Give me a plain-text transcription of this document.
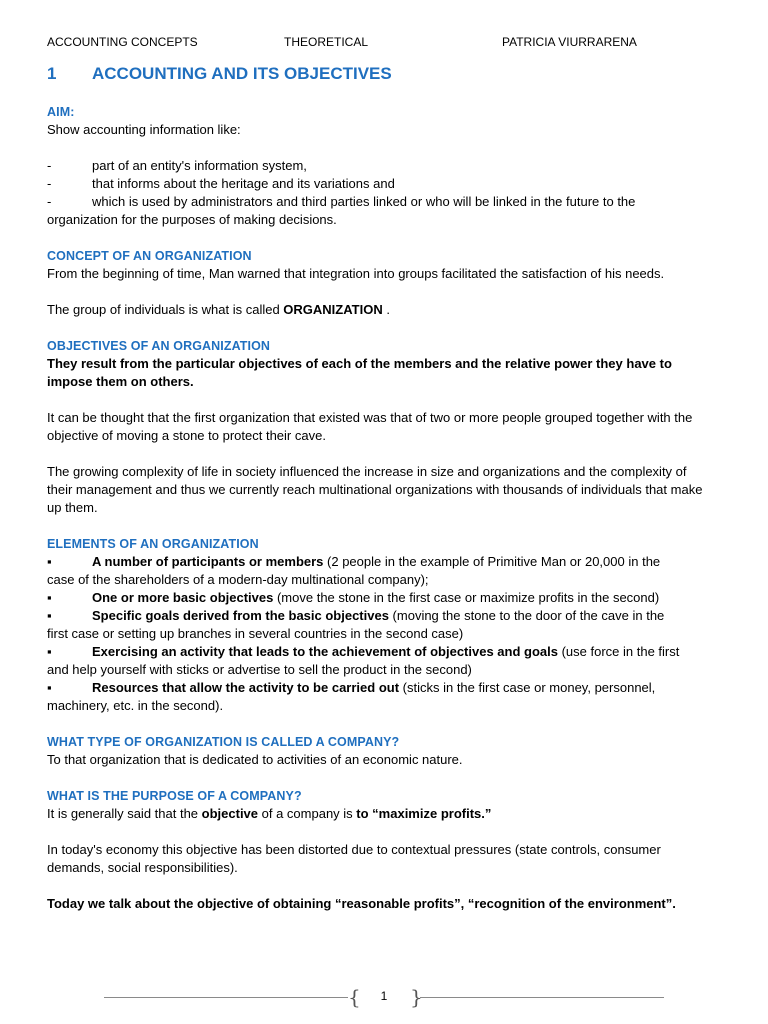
ACCOUNTING CONCEPTS	THEORETICAL	PATRICIA VIURRARENA
1 ACCOUNTING AND ITS OBJECTIVES

AIM:

Show accounting information like:

-	part of an entity's information system,
-	that informs about the heritage and its variations and
-	which is used by administrators and third parties linked or who will be linked in the future to the

organization for the purposes of making decisions.

CONCEPT OF AN ORGANIZATION

From the beginning of time, Man warned that integration into groups facilitated the satisfaction of his needs.

The group of individuals is what is called ORGANIZATION .

OBJECTIVES OF AN ORGANIZATION

They result from the particular objectives of each of the members and the relative power they have to impose them on others.

It can be thought that the first organization that existed was that of two or more people grouped together with the objective of moving a stone to protect their cave.

The growing complexity of life in society influenced the increase in size and organizations and the complexity of their management and thus we currently reach multinational organizations with thousands of individuals that make up them.

ELEMENTS OF AN ORGANIZATION

▪	A number of participants or members (2 people in the example of Primitive Man or 20,000 in the

case of the shareholders of a modern-day multinational company);

▪	One or more basic objectives (move the stone in the first case or maximize profits in the second)
▪	Specific goals derived from the basic objectives (moving the stone to the door of the cave in the

first case or setting up branches in several countries in the second case)

▪	Exercising an activity that leads to the achievement of objectives and goals (use force in the first

and help yourself with sticks or advertise to sell the product in the second)

▪	Resources that allow the activity to be carried out (sticks in the first case or money, personnel,

machinery, etc. in the second).

WHAT TYPE OF ORGANIZATION IS CALLED A COMPANY?

To that organization that is dedicated to activities of an economic nature.

WHAT IS THE PURPOSE OF A COMPANY?

It is generally said that the objective of a company is to “maximize profits.”

In today's economy this objective has been distorted due to contextual pressures (state controls, consumer demands, social responsibilities).

Today we talk about the objective of obtaining “reasonable profits”, “recognition of the environment”.

{ 1 }
